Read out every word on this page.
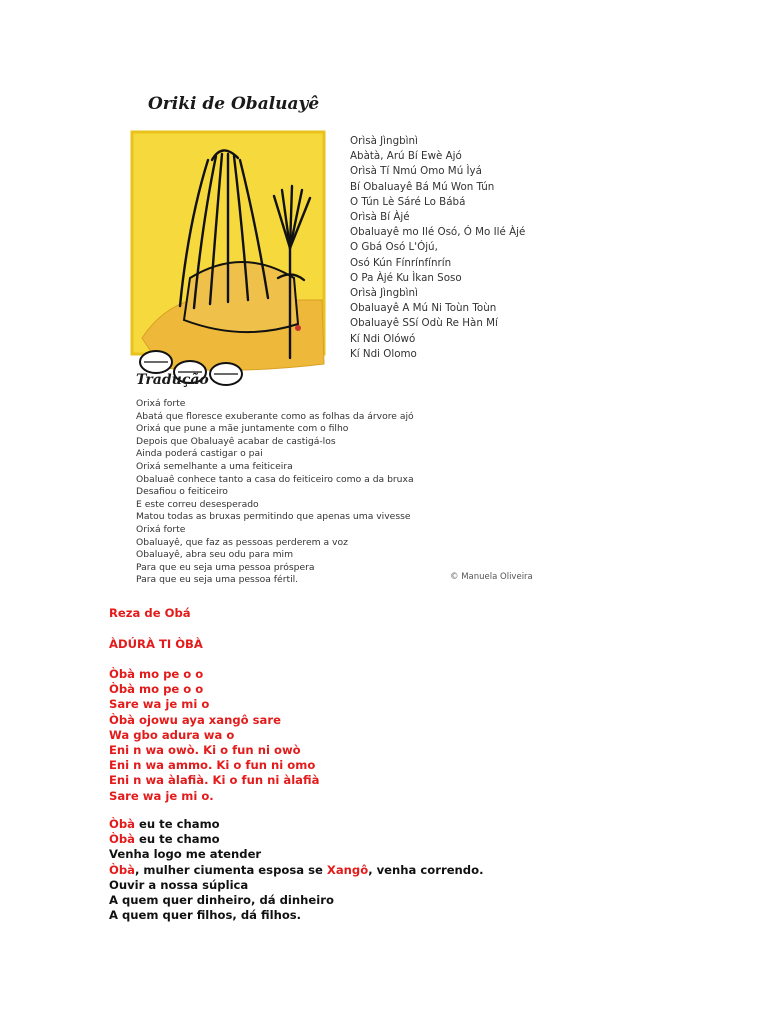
Oriki de Obaluayê
Orìsà Jìngbìnì
Abàtà, Arú Bí Ewè Ajó
Orìsà Tí Nmú Omo Mú Ìyá
Bí Obaluayê Bá Mú Won Tún
O Tún Lè Sáré Lo Bábá
Orìsà Bí Àjé
Obaluayê mo Ilé Osó, Ó Mo Ilé Àjé
O Gbá Osó L'Ójú,
Osó Kún Fínrínfínrín
O Pa Àjé Ku Ìkan Soso
Orìsà Jìngbìnì
Obaluayê A Mú Ni Toùn Toùn
Obaluayê SSí Odù Re Hàn Mí
Kí Ndi Olówó
Kí Ndi Olomo
Tradução
Orixá forte
Abatá que floresce exuberante como as folhas da árvore ajó
Orixá que pune a mãe juntamente com o filho
Depois que Obaluayê acabar de castigá-los
Ainda poderá castigar o pai
Orixá semelhante a uma feiticeira
Obaluaê conhece tanto a casa do feiticeiro como a da bruxa
Desafiou o feiticeiro
E este correu desesperado
Matou todas as bruxas permitindo que apenas uma vivesse
Orixá forte
Obaluayê, que faz as pessoas perderem a voz
Obaluayê, abra seu odu para mim
Para que eu seja uma pessoa próspera
Para que eu seja uma pessoa fértil.	© Manuela Oliveira
Reza de Obá
ÀDÚRÀ TI ÒBÀ
Òbà mo pe o o
Òbà mo pe o o
Sare wa je mi o
Òbà ojowu aya xangô sare
Wa gbo adura wa o
Eni n wa owò. Ki o fun ni owò
Eni n wa ammo. Ki o fun ni omo
Eni n wa àlafià. Ki o fun ni àlafià
Sare wa je mi o.
Òbà eu te chamo
Òbà eu te chamo
Venha logo me atender
Òbà, mulher ciumenta esposa se Xangô, venha correndo.
Ouvir a nossa súplica
A quem quer dinheiro, dá dinheiro
A quem quer filhos, dá filhos.
